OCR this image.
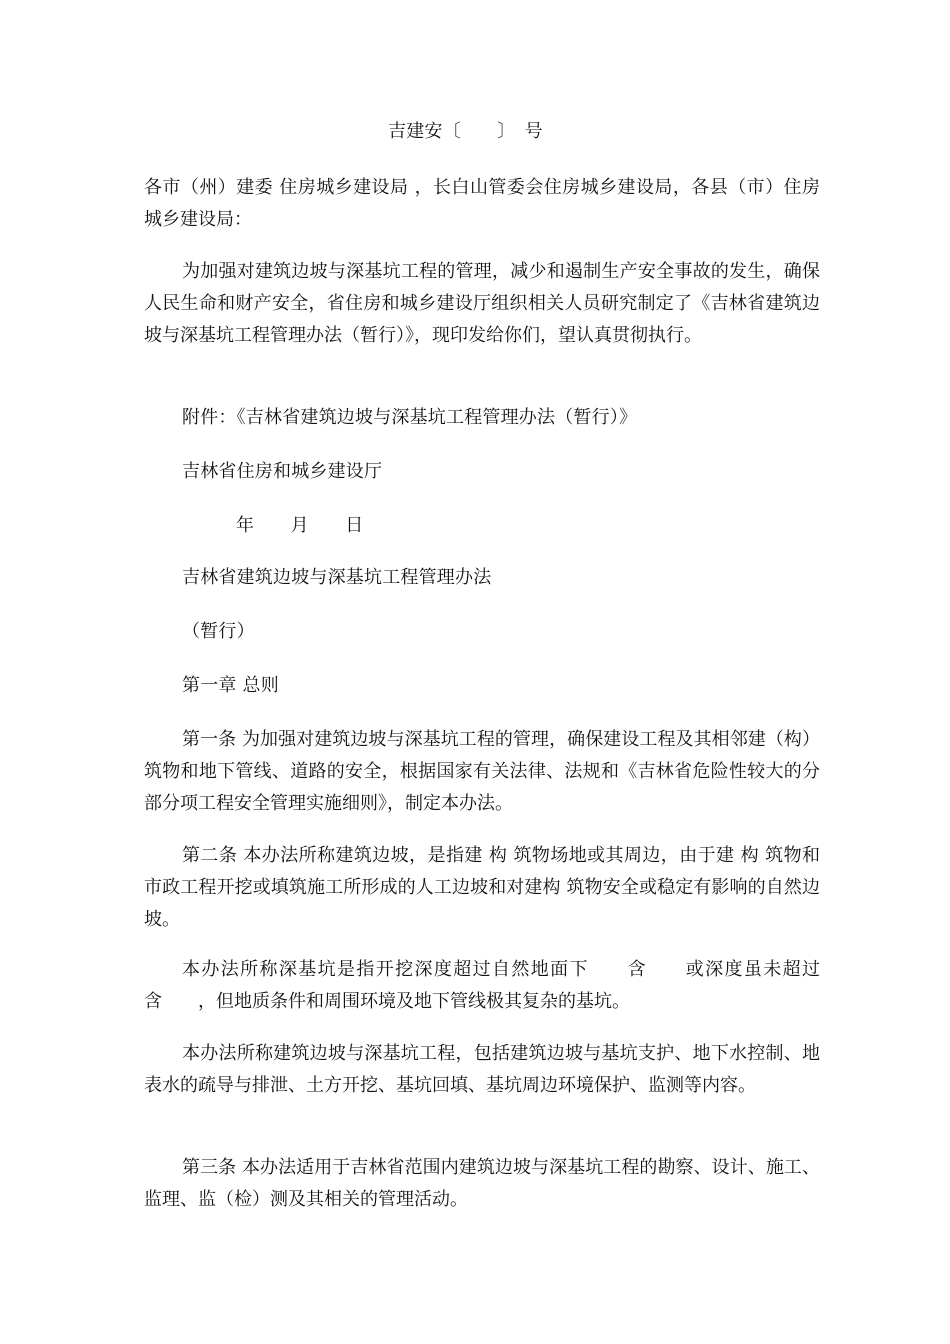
吉建安〔　　〕　号
各市（州）建委 住房城乡建设局 ，长白山管委会住房城乡建设局，各县（市）住房城乡建设局：
为加强对建筑边坡与深基坑工程的管理，减少和遏制生产安全事故的发生，确保人民生命和财产安全，省住房和城乡建设厅组织相关人员研究制定了《吉林省建筑边坡与深基坑工程管理办法（暂行）》，现印发给你们，望认真贯彻执行。
附件：《吉林省建筑边坡与深基坑工程管理办法（暂行）》
吉林省住房和城乡建设厅
年　　月　　日
吉林省建筑边坡与深基坑工程管理办法
（暂行）
第一章 总则
第一条 为加强对建筑边坡与深基坑工程的管理，确保建设工程及其相邻建（构）筑物和地下管线、道路的安全，根据国家有关法律、法规和《吉林省危险性较大的分部分项工程安全管理实施细则》，制定本办法。
第二条 本办法所称建筑边坡，是指建 构 筑物场地或其周边，由于建 构 筑物和市政工程开挖或填筑施工所形成的人工边坡和对建构 筑物安全或稳定有影响的自然边坡。
本办法所称深基坑是指开挖深度超过自然地面下　　含　　或深度虽未超过　　含　　，但地质条件和周围环境及地下管线极其复杂的基坑。
本办法所称建筑边坡与深基坑工程，包括建筑边坡与基坑支护、地下水控制、地表水的疏导与排泄、土方开挖、基坑回填、基坑周边环境保护、监测等内容。
第三条 本办法适用于吉林省范围内建筑边坡与深基坑工程的勘察、设计、施工、监理、监（检）测及其相关的管理活动。
